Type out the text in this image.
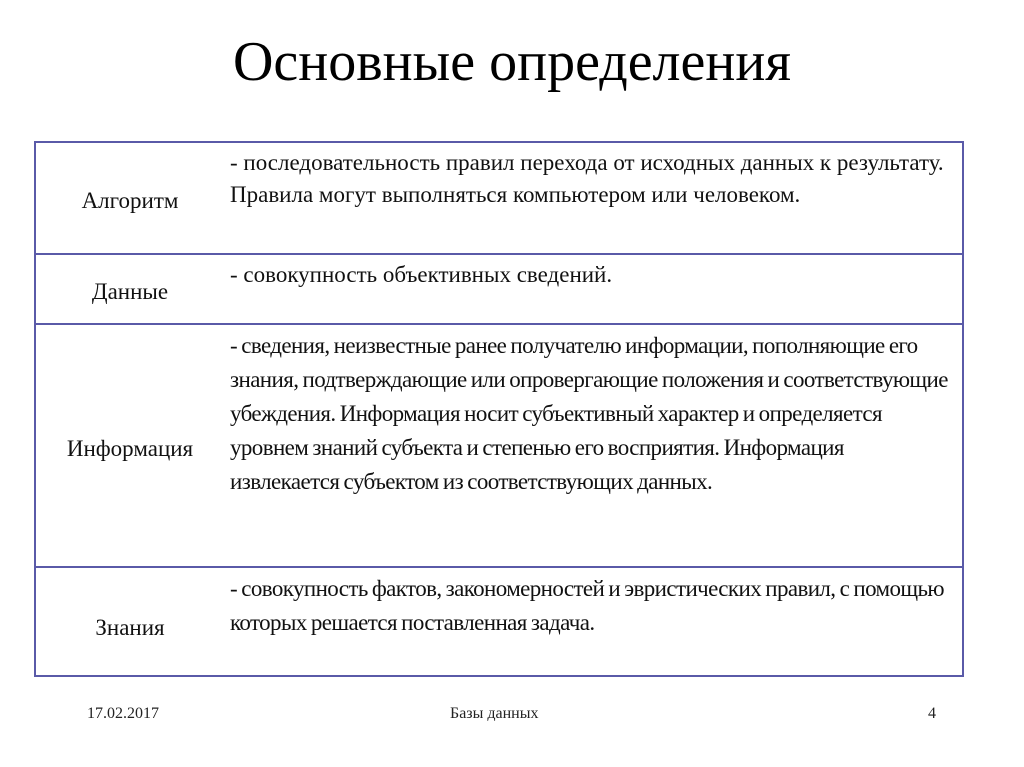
Основные определения
Алгоритм
- последовательность правил перехода от исходных данных к результату. Правила могут выполняться компьютером или человеком.
Данные
- совокупность объективных сведений.
Информация
- сведения, неизвестные ранее получателю информации, пополняющие его знания, подтверждающие или опровергающие положения и соответствующие убеждения. Информация носит субъективный характер и определяется уровнем знаний субъекта и степенью его восприятия. Информация извлекается субъектом из соответствующих данных.
Знания
- совокупность фактов, закономерностей и эвристических правил, с помощью которых решается поставленная задача.
17.02.2017	Базы данных	4
